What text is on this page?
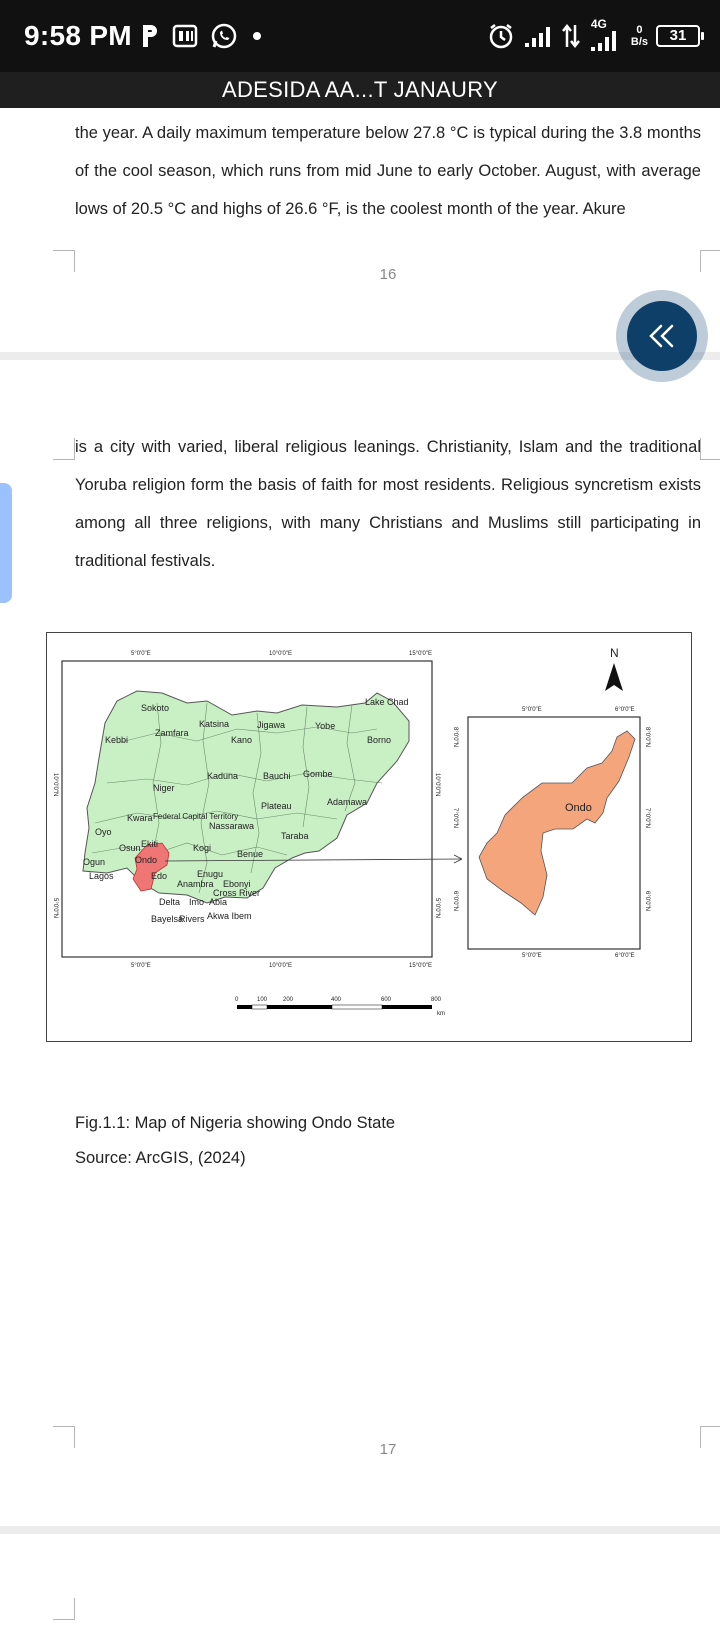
9:58 PM	4G	0
B/s	31
ADESIDA AA...T JANAURY
the year. A daily maximum temperature below 27.8 °C is typical during the 3.8 months of the cool season, which runs from mid June to early October. August, with average lows of 20.5 °C and highs of 26.6 °F, is the coolest month of the year. Akure
16
is a city with varied, liberal religious leanings. Christianity, Islam and the traditional Yoruba religion form the basis of faith for most residents. Religious syncretism exists among all three religions, with many Christians and Muslims still participating in traditional festivals.
Sokoto
Katsina	Jigawa	Yobe
Lake Chad
Kebbi
Zamfara
Kano	Borno
Kaduna	Bauchi Gombe
Niger
Plateau	Adamawa
Kwara Federal Capital Territory
Nassarawa
Oyo	Taraba
Ekiti
Osun	Kogi
Benue
Ogun	Ondo
Lagos	Edo	Enugu
Anambra Ebonyi
Cross River
Delta Imo Abia
Bayelsa
Rivers Akwa Ibem
Ondo
N
5°0'0"E	10°0'0"E	15°0'0"E
5°0'0"E	10°0'0"E	15°0'0"E
10°0'0"N
5°0'0"N
10°0'0"N
5°0'0"N
5°0'0"E	6°0'0"E
5°0'0"E	6°0'0"E
8°0'0"N
7°0'0"N
6°0'0"N
8°0'0"N
7°0'0"N
6°0'0"N
0	100	200	400	600	800
km
Fig.1.1: Map of Nigeria showing Ondo State
Source: ArcGIS, (2024)
17
